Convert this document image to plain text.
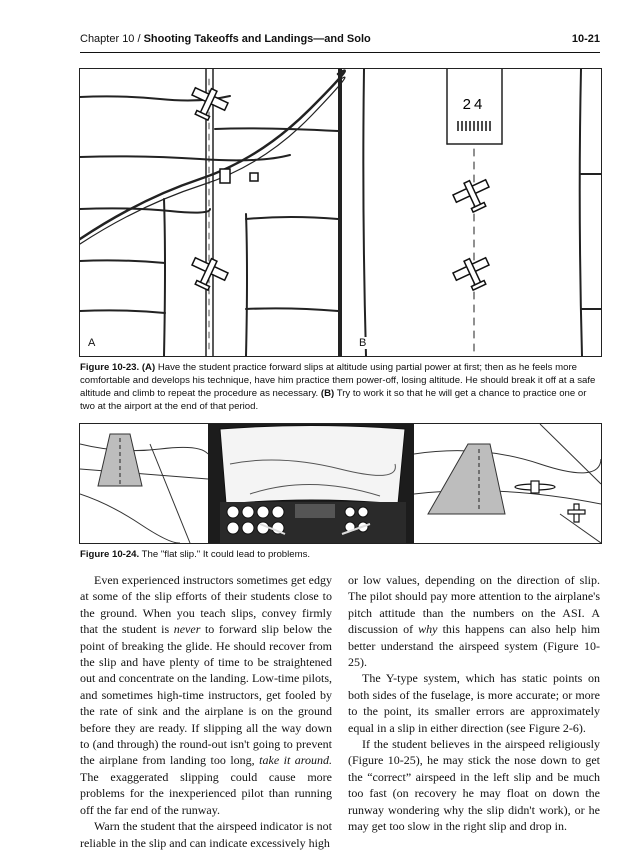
Chapter 10 / Shooting Takeoffs and Landings—and Solo	10-21
24
A	B
Figure 10-23. (A) Have the student practice forward slips at altitude using partial power at first; then as he feels more comfortable and develops his technique, have him practice them power-off, losing altitude. He should break it off at a safe altitude and climb to repeat the procedure as necessary. (B) Try to work it so that he will get a chance to practice one or two at the airport at the end of that period.
Figure 10-24. The "flat slip." It could lead to problems.

Even experienced instructors sometimes get edgy at some of the slip efforts of their students close to the ground. When you teach slips, convey firmly that the student is never to forward slip below the point of breaking the glide. He should recover from the slip and have plenty of time to be straightened out and concentrate on the landing. Low-time pilots, and sometimes high-time instructors, get fooled by the rate of sink and the airplane is on the ground before they are ready. If slipping all the way down to (and through) the round-out isn't going to prevent the airplane from landing too long, take it around. The exaggerated slipping could cause more problems for the inexperienced pilot than running off the far end of the runway.

Warn the student that the airspeed indicator is not reliable in the slip and can indicate excessively high

or low values, depending on the direction of slip. The pilot should pay more attention to the airplane's pitch attitude than the numbers on the ASI. A discussion of why this happens can also help him better understand the airspeed system (Figure 10-25).

The Y-type system, which has static points on both sides of the fuselage, is more accurate; or more to the point, its smaller errors are approximately equal in a slip in either direction (see Figure 2-6).

If the student believes in the airspeed religiously (Figure 10-25), he may stick the nose down to get the “correct” airspeed in the left slip and be much too fast (on recovery he may float on down the runway wondering why the slip didn't work), or he may get too slow in the right slip and drop in.
